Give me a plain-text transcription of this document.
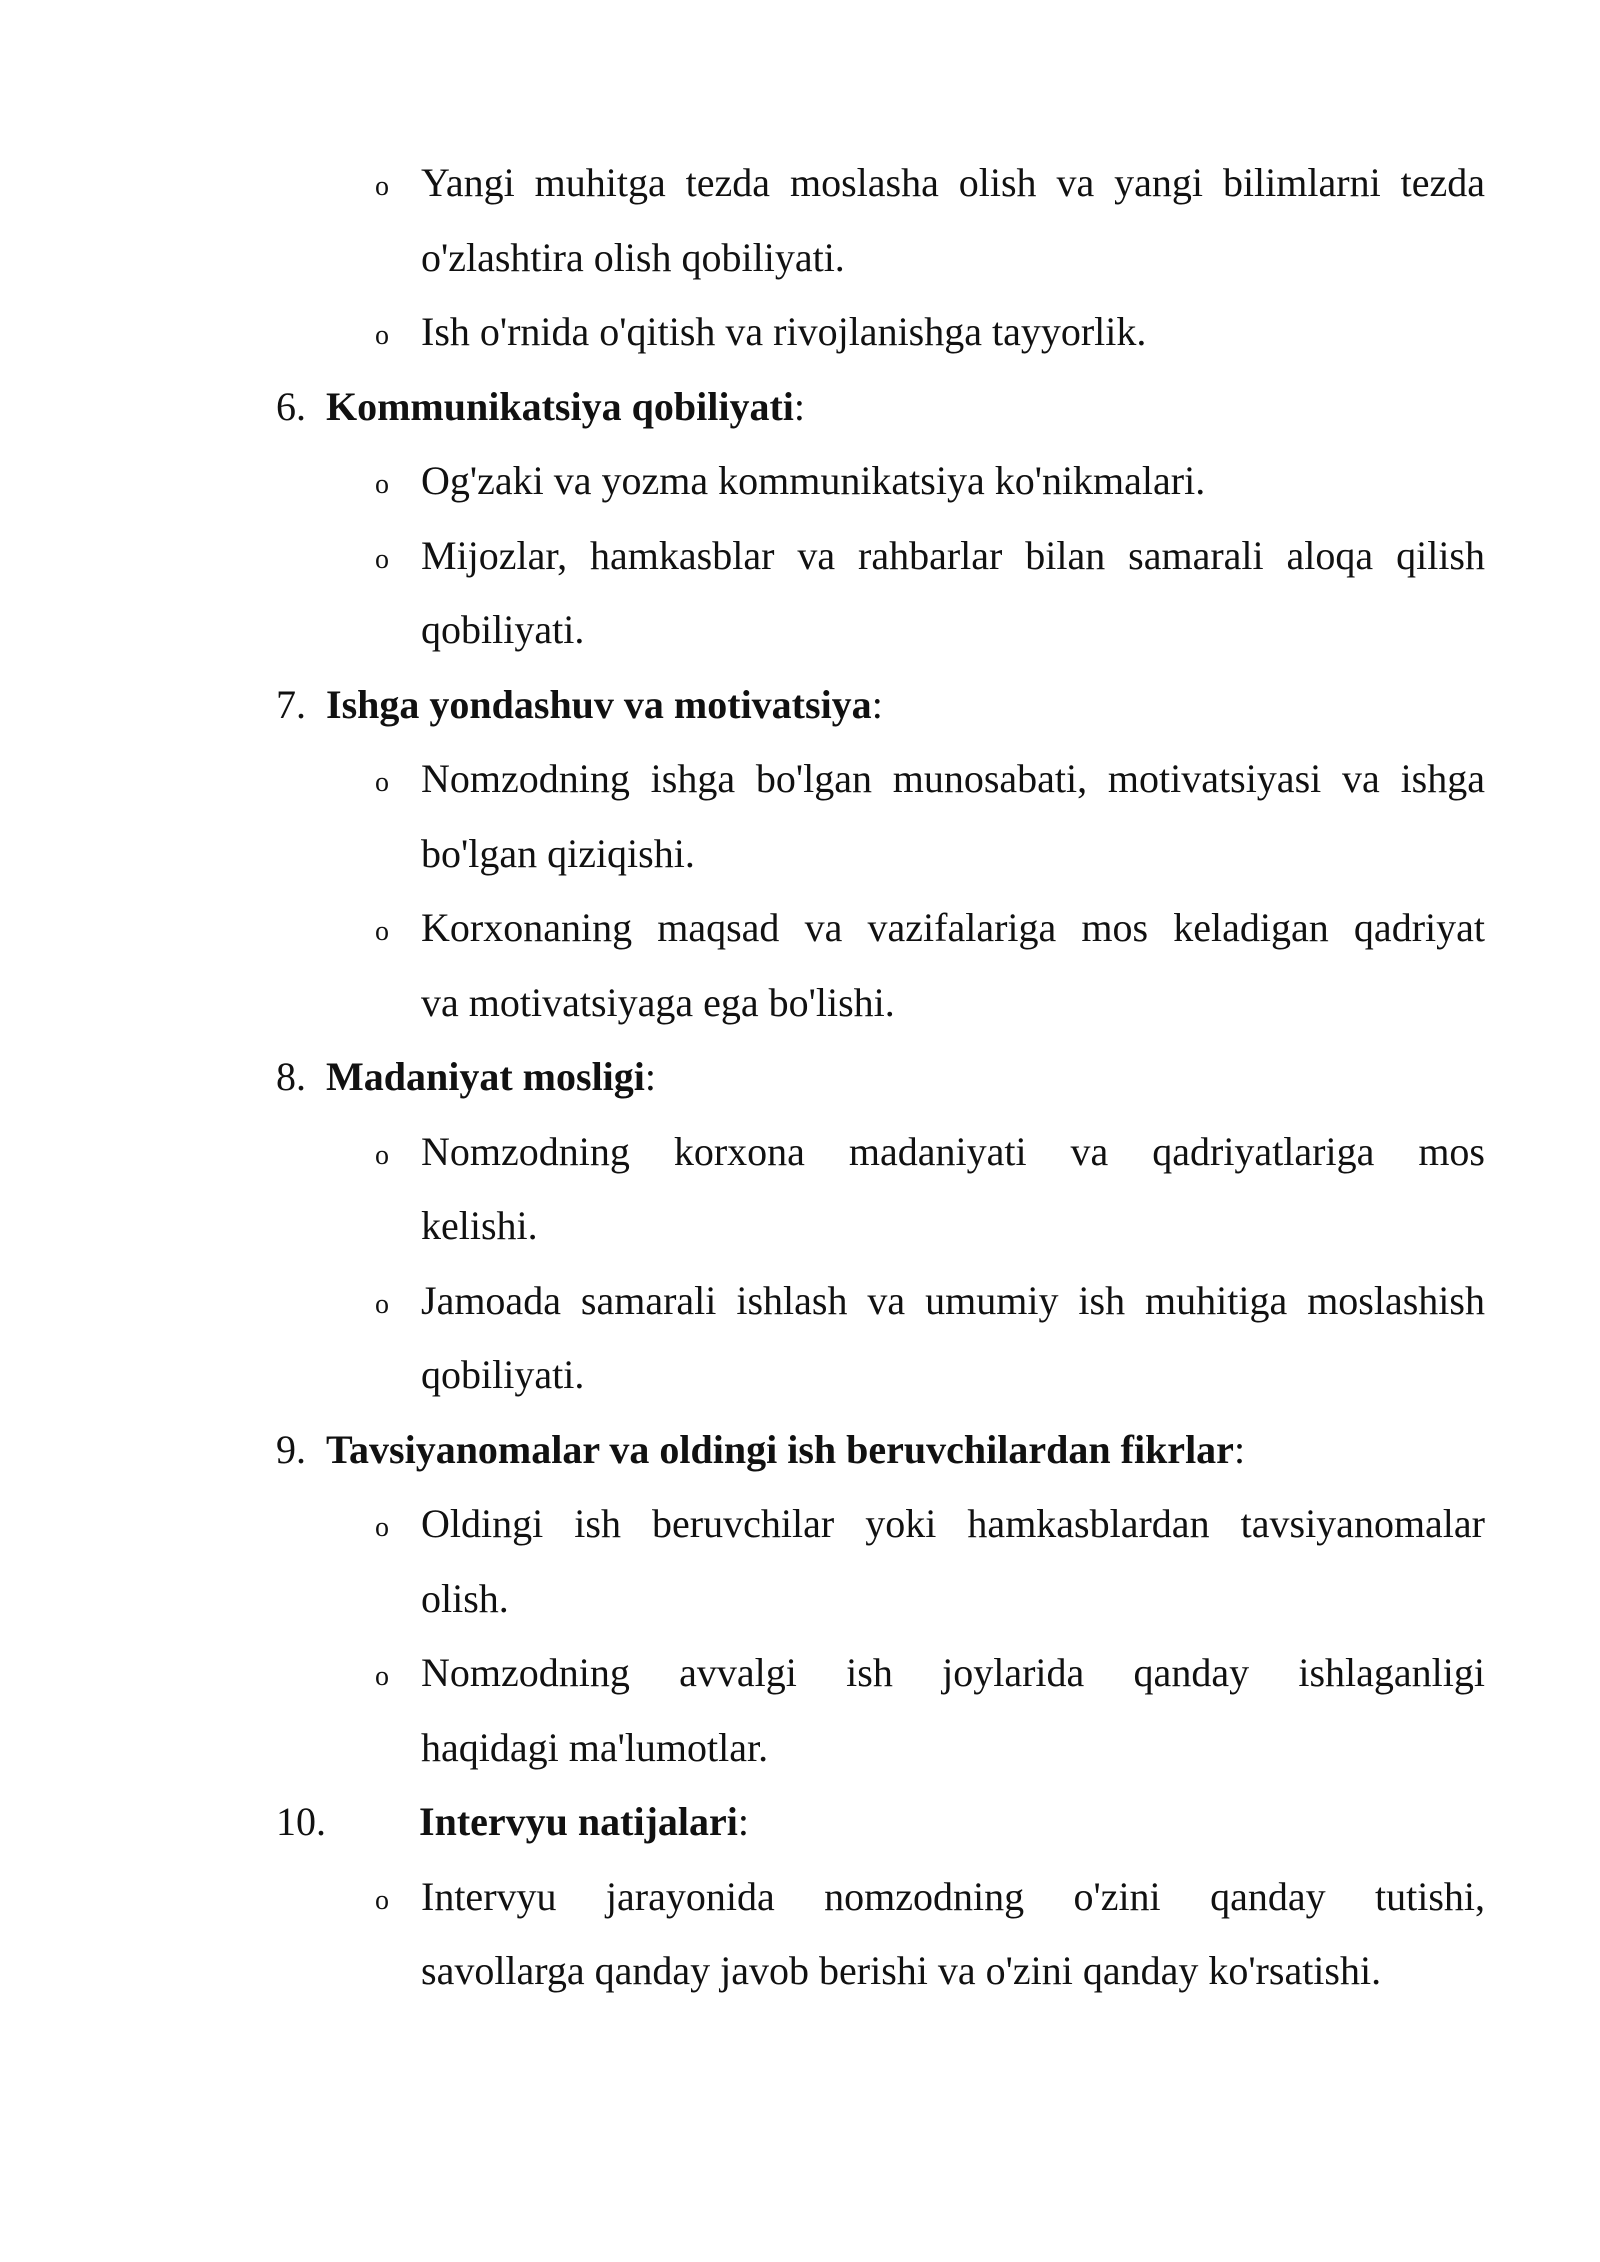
o Yangi muhitga tezda moslasha olish va yangi bilimlarni tezda
o'zlashtira olish qobiliyati.
o Ish o'rnida o'qitish va rivojlanishga tayyorlik.
6. Kommunikatsiya qobiliyati:
o Og'zaki va yozma kommunikatsiya ko'nikmalari.
o Mijozlar, hamkasblar va rahbarlar bilan samarali aloqa qilish
qobiliyati.
7. Ishga yondashuv va motivatsiya:
o Nomzodning ishga bo'lgan munosabati, motivatsiyasi va ishga
bo'lgan qiziqishi.
o Korxonaning maqsad va vazifalariga mos keladigan qadriyat
va motivatsiyaga ega bo'lishi.
8. Madaniyat mosligi:
o Nomzodning korxona madaniyati va qadriyatlariga mos
kelishi.
o Jamoada samarali ishlash va umumiy ish muhitiga moslashish
qobiliyati.
9. Tavsiyanomalar va oldingi ish beruvchilardan fikrlar:
o Oldingi ish beruvchilar yoki hamkasblardan tavsiyanomalar
olish.
o Nomzodning avvalgi ish joylarida qanday ishlaganligi
haqidagi ma'lumotlar.
10. Intervyu natijalari:
o Intervyu jarayonida nomzodning o'zini qanday tutishi,
savollarga qanday javob berishi va o'zini qanday ko'rsatishi.
